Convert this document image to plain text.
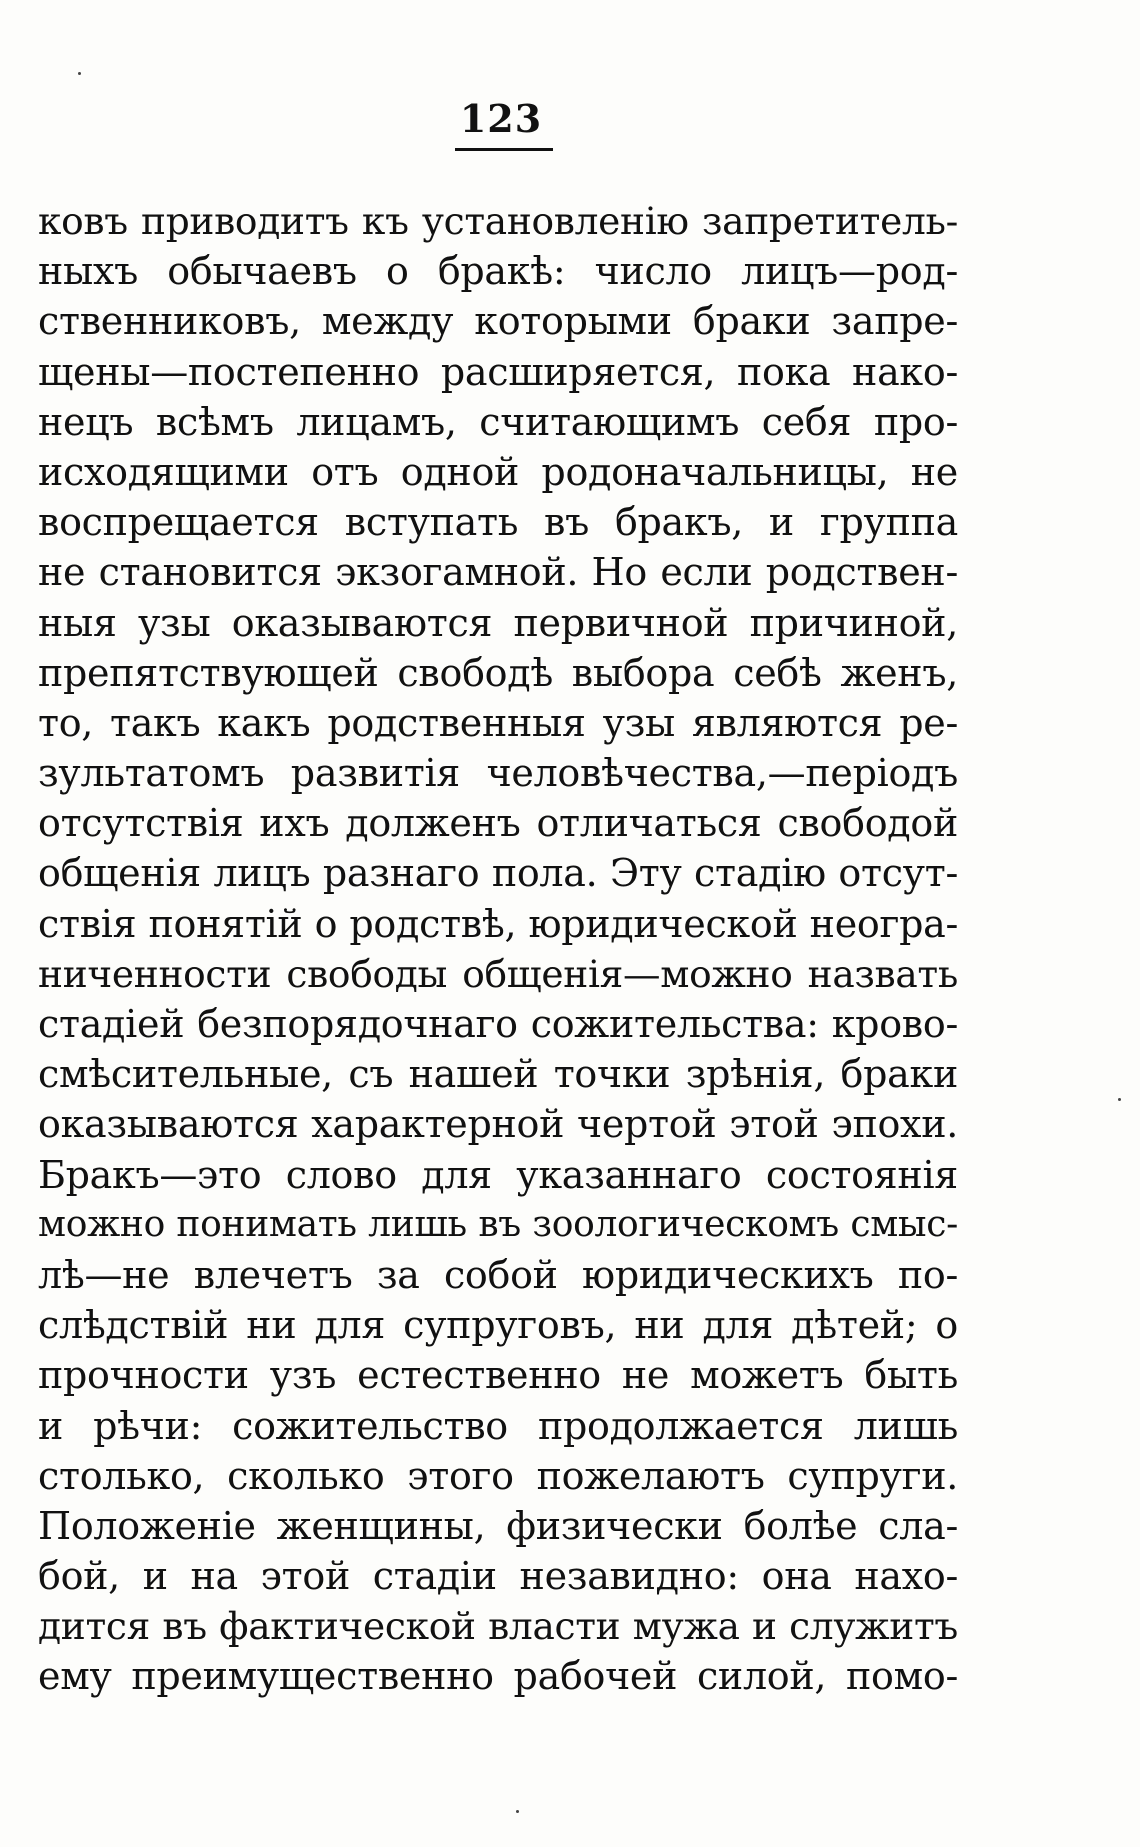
123
ковъ приводитъ къ установленію запретитель-
ныхъ обычаевъ о бракѣ: число лицъ—род-
ственниковъ, между которыми браки запре-
щены—постепенно расширяется, пока нако-
нецъ всѣмъ лицамъ, считающимъ себя про-
исходящими отъ одной родоначальницы, не
воспрещается вступать въ бракъ, и группа
не становится экзогамной. Но если родствен-
ныя узы оказываются первичной причиной,
препятствующей свободѣ выбора себѣ женъ,
то, такъ какъ родственныя узы являются ре-
зультатомъ развитія человѣчества,—періодъ
отсутствія ихъ долженъ отличаться свободой
общенія лицъ разнаго пола. Эту стадію отсут-
ствія понятій о родствѣ, юридической неогра-
ниченности свободы общенія—можно назвать
стадіей безпорядочнаго сожительства: крово-
смѣсительные, съ нашей точки зрѣнія, браки
оказываются характерной чертой этой эпохи.
Бракъ—это слово для указаннаго состоянія
можно понимать лишь въ зоологическомъ смыс-
лѣ—не влечетъ за собой юридическихъ по-
слѣдствій ни для супруговъ, ни для дѣтей; о
прочности узъ естественно не можетъ быть
и рѣчи: сожительство продолжается лишь
столько, сколько этого пожелаютъ супруги.
Положеніе женщины, физически болѣе сла-
бой, и на этой стадіи незавидно: она нахо-
дится въ фактической власти мужа и служитъ
ему преимущественно рабочей силой, помо-
